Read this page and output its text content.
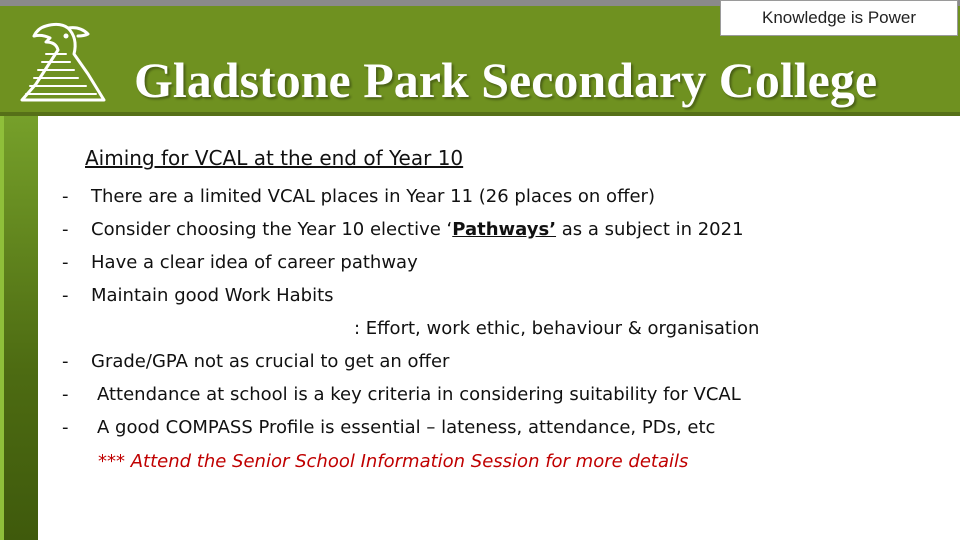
Knowledge is Power
Gladstone Park Secondary College
Aiming for VCAL at the end of Year 10
- There are a limited VCAL places in Year 11 (26 places on offer)
- Consider choosing the Year 10 elective ‘Pathways’ as a subject in 2021
- Have a clear idea of career pathway
- Maintain good Work Habits
: Effort, work ethic, behaviour & organisation
- Grade/GPA not as crucial to get an offer
- Attendance at school is a key criteria in considering suitability for VCAL
- A good COMPASS Profile is essential – lateness, attendance, PDs, etc
*** Attend the Senior School Information Session for more details
